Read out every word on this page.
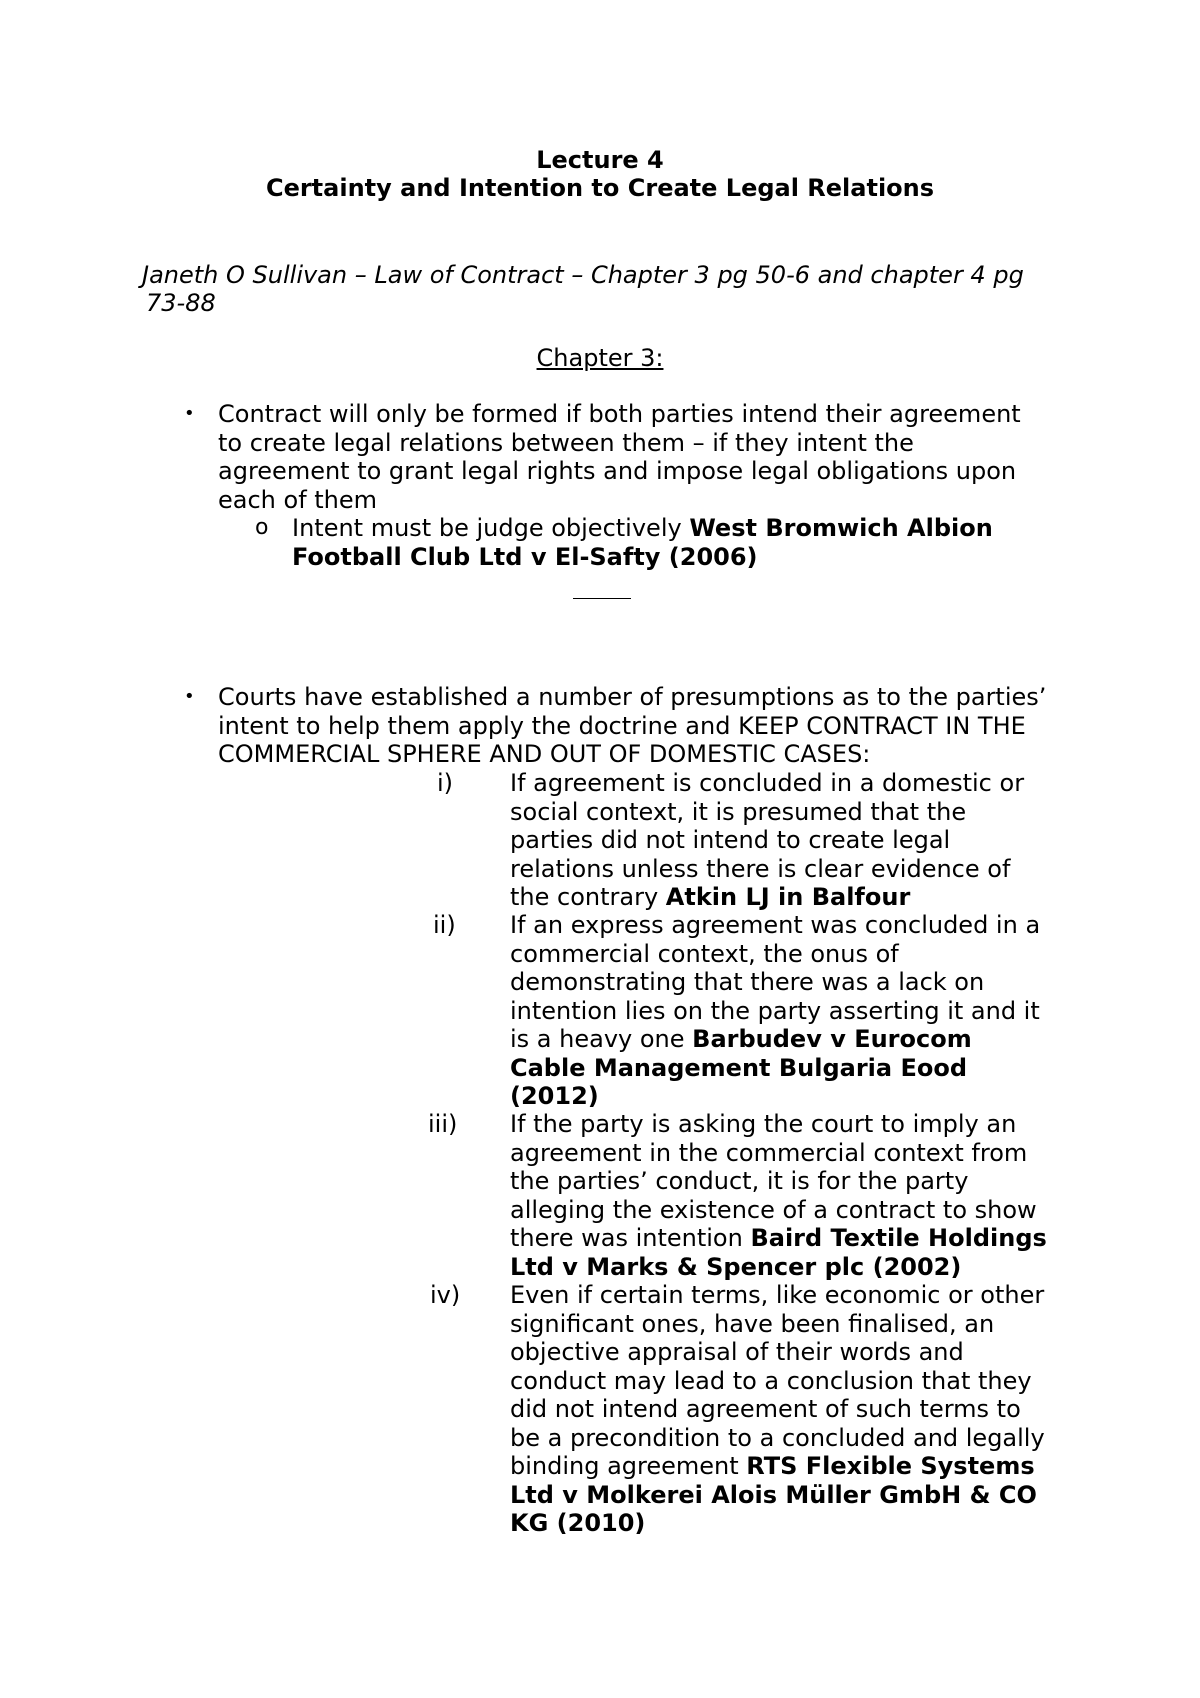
Lecture 4

Certainty and Intention to Create Legal Relations

Janeth O Sullivan – Law of Contract – Chapter 3 pg 50-6 and chapter 4 pg

73-88

Chapter 3:

• Contract will only be formed if both parties intend their agreement
to create legal relations between them – if they intent the
agreement to grant legal rights and impose legal obligations upon
each of them
o Intent must be judge objectively West Bromwich Albion
Football Club Ltd v El-Safty (2006)
• Courts have established a number of presumptions as to the parties’
intent to help them apply the doctrine and KEEP CONTRACT IN THE
COMMERCIAL SPHERE AND OUT OF DOMESTIC CASES:
i) If agreement is concluded in a domestic or
social context, it is presumed that the
parties did not intend to create legal
relations unless there is clear evidence of
the contrary Atkin LJ in Balfour
ii) If an express agreement was concluded in a
commercial context, the onus of
demonstrating that there was a lack on
intention lies on the party asserting it and it
is a heavy one Barbudev v Eurocom
Cable Management Bulgaria Eood
(2012)
iii) If the party is asking the court to imply an
agreement in the commercial context from
the parties’ conduct, it is for the party
alleging the existence of a contract to show
there was intention Baird Textile Holdings
Ltd v Marks & Spencer plc (2002)
iv) Even if certain terms, like economic or other
significant ones, have been finalised, an
objective appraisal of their words and
conduct may lead to a conclusion that they
did not intend agreement of such terms to
be a precondition to a concluded and legally
binding agreement RTS Flexible Systems
Ltd v Molkerei Alois Müller GmbH & CO
KG (2010)
